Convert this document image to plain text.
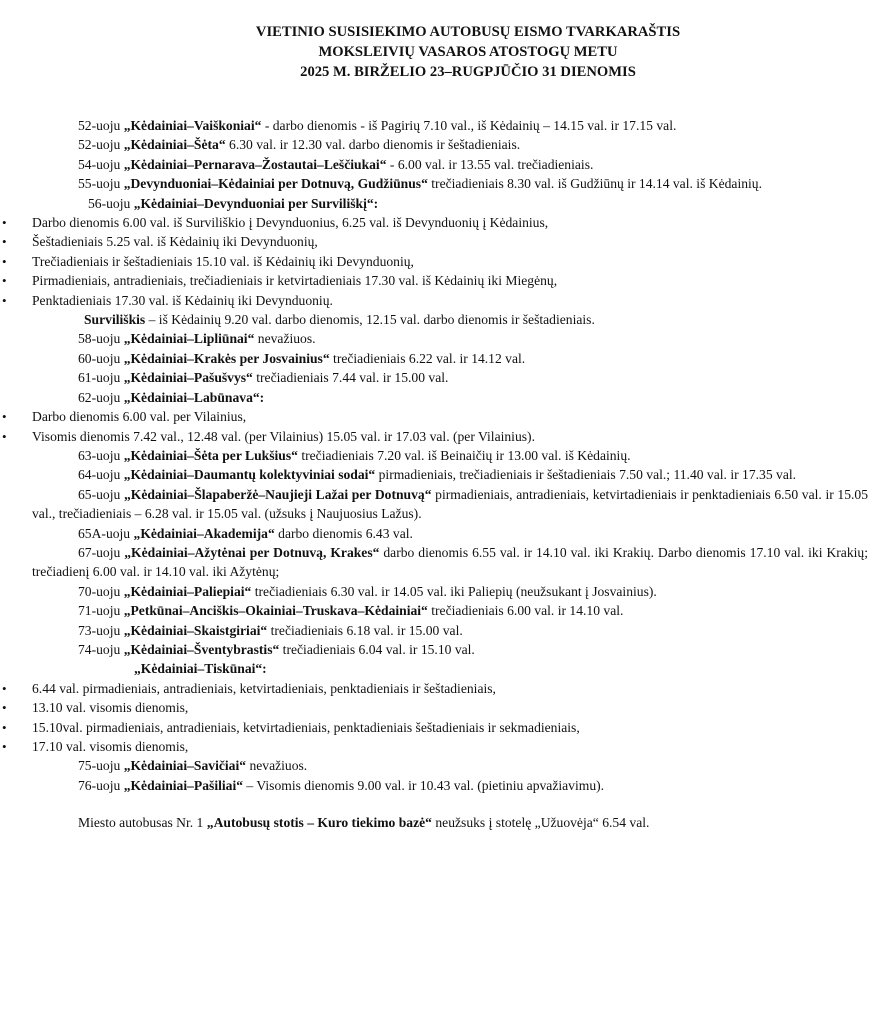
VIETINIO SUSISIEKIMO AUTOBUSŲ EISMO TVARKARAŠTIS
MOKSLEIVIŲ VASAROS ATOSTOGŲ METU
2025 M. BIRŽELIO 23–RUGPJŪČIO 31 DIENOMIS
52-uoju „Kėdainiai–Vaiškoniai“ - darbo dienomis - iš Pagirių 7.10 val., iš Kėdainių – 14.15 val. ir 17.15 val.
52-uoju „Kėdainiai–Šėta“ 6.30 val. ir 12.30 val. darbo dienomis ir šeštadieniais.
54-uoju „Kėdainiai–Pernarava–Žostautai–Leščiukai“ - 6.00 val. ir 13.55 val. trečiadieniais.
55-uoju „Devynduoniai–Kėdainiai per Dotnuvą, Gudžiūnus“ trečiadieniais 8.30 val. iš Gudžiūnų ir 14.14 val. iš Kėdainių.
56-uoju „Kėdainiai–Devynduoniai per Surviliškį“:
• Darbo dienomis 6.00 val. iš Surviliškio į Devynduonius, 6.25 val. iš Devynduonių į Kėdainius,
• Šeštadieniais 5.25 val. iš Kėdainių iki Devynduonių,
• Trečiadieniais ir šeštadieniais 15.10 val. iš Kėdainių iki Devynduonių,
• Pirmadieniais, antradieniais, trečiadieniais ir ketvirtadieniais 17.30 val. iš Kėdainių iki Miegėnų,
• Penktadieniais 17.30 val. iš Kėdainių iki Devynduonių.
Surviliškis – iš Kėdainių 9.20 val. darbo dienomis, 12.15 val. darbo dienomis ir šeštadieniais.
58-uoju „Kėdainiai–Lipliūnai“ nevažiuos.
60-uoju „Kėdainiai–Krakės per Josvainius“ trečiadieniais 6.22 val. ir 14.12 val.
61-uoju „Kėdainiai–Pašušvys“ trečiadieniais 7.44 val. ir 15.00 val.
62-uoju „Kėdainiai–Labūnava“:
• Darbo dienomis 6.00 val. per Vilainius,
• Visomis dienomis 7.42 val., 12.48 val. (per Vilainius) 15.05 val. ir 17.03 val. (per Vilainius).
63-uoju „Kėdainiai–Šėta per Lukšius“ trečiadieniais 7.20 val. iš Beinaičių ir 13.00 val. iš Kėdainių.
64-uoju „Kėdainiai–Daumantų kolektyviniai sodai“ pirmadieniais, trečiadieniais ir šeštadieniais 7.50 val.; 11.40 val. ir 17.35 val.
65-uoju „Kėdainiai–Šlapaberžė–Naujieji Lažai per Dotnuvą“ pirmadieniais, antradieniais, ketvirtadieniais ir penktadieniais 6.50 val. ir 15.05 val., trečiadieniais – 6.28 val. ir 15.05 val. (užsuks į Naujuosius Lažus).
65A-uoju „Kėdainiai–Akademija“ darbo dienomis 6.43 val.
67-uoju „Kėdainiai–Ažytėnai per Dotnuvą, Krakes“ darbo dienomis 6.55 val. ir 14.10 val. iki Krakių. Darbo dienomis 17.10 val. iki Krakių; trečiadienį 6.00 val. ir 14.10 val. iki Ažytėnų;
70-uoju „Kėdainiai–Paliepiai“ trečiadieniais 6.30 val. ir 14.05 val. iki Paliepių (neužsukant į Josvainius).
71-uoju „Petkūnai–Anciškis–Okainiai–Truskava–Kėdainiai“ trečiadieniais 6.00 val. ir 14.10 val.
73-uoju „Kėdainiai–Skaistgiriai“ trečiadieniais 6.18 val. ir 15.00 val.
74-uoju „Kėdainiai–Šventybrastis“ trečiadieniais 6.04 val. ir 15.10 val.
„Kėdainiai–Tiskūnai“:
• 6.44 val. pirmadieniais, antradieniais, ketvirtadieniais, penktadieniais ir šeštadieniais,
• 13.10 val. visomis dienomis,
• 15.10val. pirmadieniais, antradieniais, ketvirtadieniais, penktadieniais šeštadieniais ir sekmadieniais,
• 17.10 val. visomis dienomis,
75-uoju „Kėdainiai–Savičiai“ nevažiuos.
76-uoju „Kėdainiai–Pašiliai“ – Visomis dienomis 9.00 val. ir 10.43 val. (pietiniu apvažiavimu).
Miesto autobusas Nr. 1 „Autobusų stotis – Kuro tiekimo bazė“ neužsuks į stotelę „Užuovėja“ 6.54 val.
